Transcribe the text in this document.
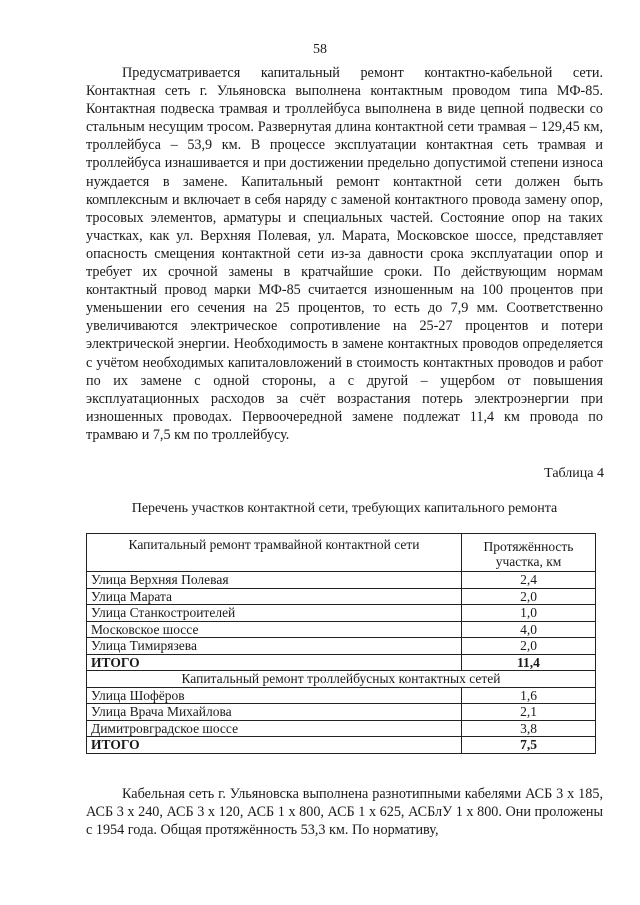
58

Предусматривается капитальный ремонт контактно-кабельной сети. Контактная сеть г. Ульяновска выполнена контактным проводом типа МФ-85. Контактная подвеска трамвая и троллейбуса выполнена в виде цепной подвески со стальным несущим тросом. Развернутая длина контактной сети трамвая – 129,45 км, троллейбуса – 53,9 км. В процессе эксплуатации контактная сеть трамвая и троллейбуса изнашивается и при достижении предельно допустимой степени износа нуждается в замене. Капитальный ремонт контактной сети должен быть комплексным и включает в себя наряду с заменой контактного провода замену опор, тросовых элементов, арматуры и специальных частей. Состояние опор на таких участках, как ул. Верхняя Полевая, ул. Марата, Московское шоссе, представляет опасность смещения контактной сети из-за давности срока эксплуатации опор и требует их срочной замены в кратчайшие сроки. По действующим нормам контактный провод марки МФ-85 считается изношенным на 100 процентов при уменьшении его сечения на 25 процентов, то есть до 7,9 мм. Соответственно увеличиваются электрическое сопротивление на 25-27 процентов и потери электрической энергии. Необходимость в замене контактных проводов определяется с учётом необходимых капиталовложений в стоимость контактных проводов и работ по их замене с одной стороны, а с другой – ущербом от повышения эксплуатационных расходов за счёт возрастания потерь электроэнергии при изношенных проводах. Первоочередной замене подлежат 11,4 км провода по трамваю и 7,5 км по троллейбусу.

Таблица 4
Перечень участков контактной сети, требующих капитального ремонта
Капитальный ремонт трамвайной контактной сети	Протяжённость участка, км
Улица Верхняя Полевая	2,4
Улица Марата	2,0
Улица Станкостроителей	1,0
Московское шоссе	4,0
Улица Тимирязева	2,0
ИТОГО	11,4
Капитальный ремонт троллейбусных контактных сетей	
Улица Шофёров	1,6
Улица Врача Михайлова	2,1
Димитровградское шоссе	3,8
ИТОГО	7,5

Кабельная сеть г. Ульяновска выполнена разнотипными кабелями АСБ 3 х 185, АСБ 3 х 240, АСБ 3 х 120, АСБ 1 х 800, АСБ 1 х 625, АСБлУ 1 х 800. Они проложены с 1954 года. Общая протяжённость 53,3 км. По нормативу,
